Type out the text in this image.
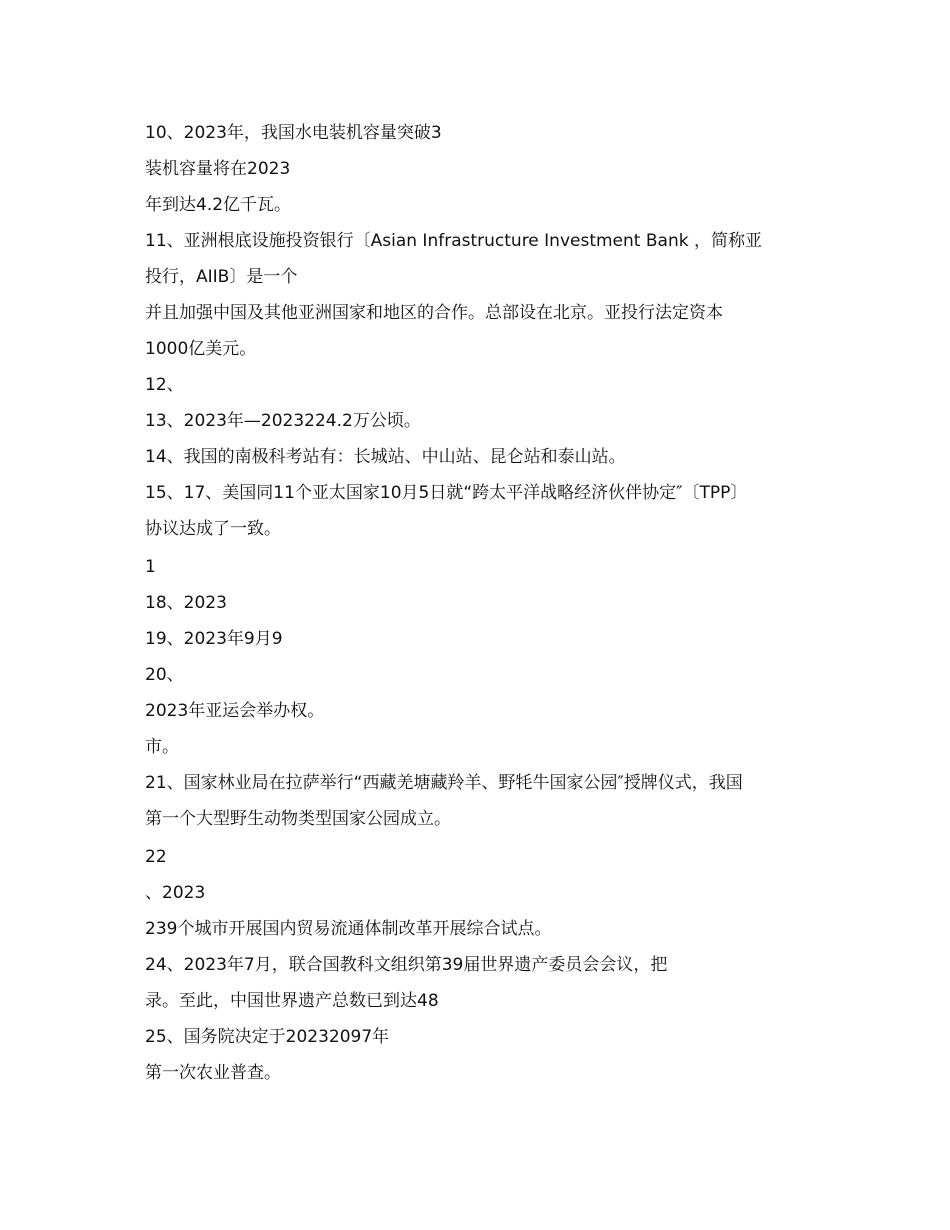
10、2023年，我国水电装机容量突破3

装机容量将在2023

年到达4.2亿千瓦。

11、亚洲根底设施投资银行〔Asian Infrastructure Investment Bank ，简称亚

投行，AIIB〕是一个

并且加强中国及其他亚洲国家和地区的合作。总部设在北京。亚投行法定资本

1000亿美元。

12、

13、2023年—2023224.2万公顷。

14、我国的南极科考站有：长城站、中山站、昆仑站和泰山站。

15、17、美国同11个亚太国家10月5日就“跨太平洋战略经济伙伴协定″〔TPP〕

协议达成了一致。

1

18、2023

19、2023年9月9

20、

2023年亚运会举办权。

市。

21、国家林业局在拉萨举行“西藏羌塘藏羚羊、野牦牛国家公园″授牌仪式，我国

第一个大型野生动物类型国家公园成立。

22

、2023

239个城市开展国内贸易流通体制改革开展综合试点。

24、2023年7月，联合国教科文组织第39届世界遗产委员会会议，把

录。至此，中国世界遗产总数已到达48

25、国务院决定于20232097年

第一次农业普查。
